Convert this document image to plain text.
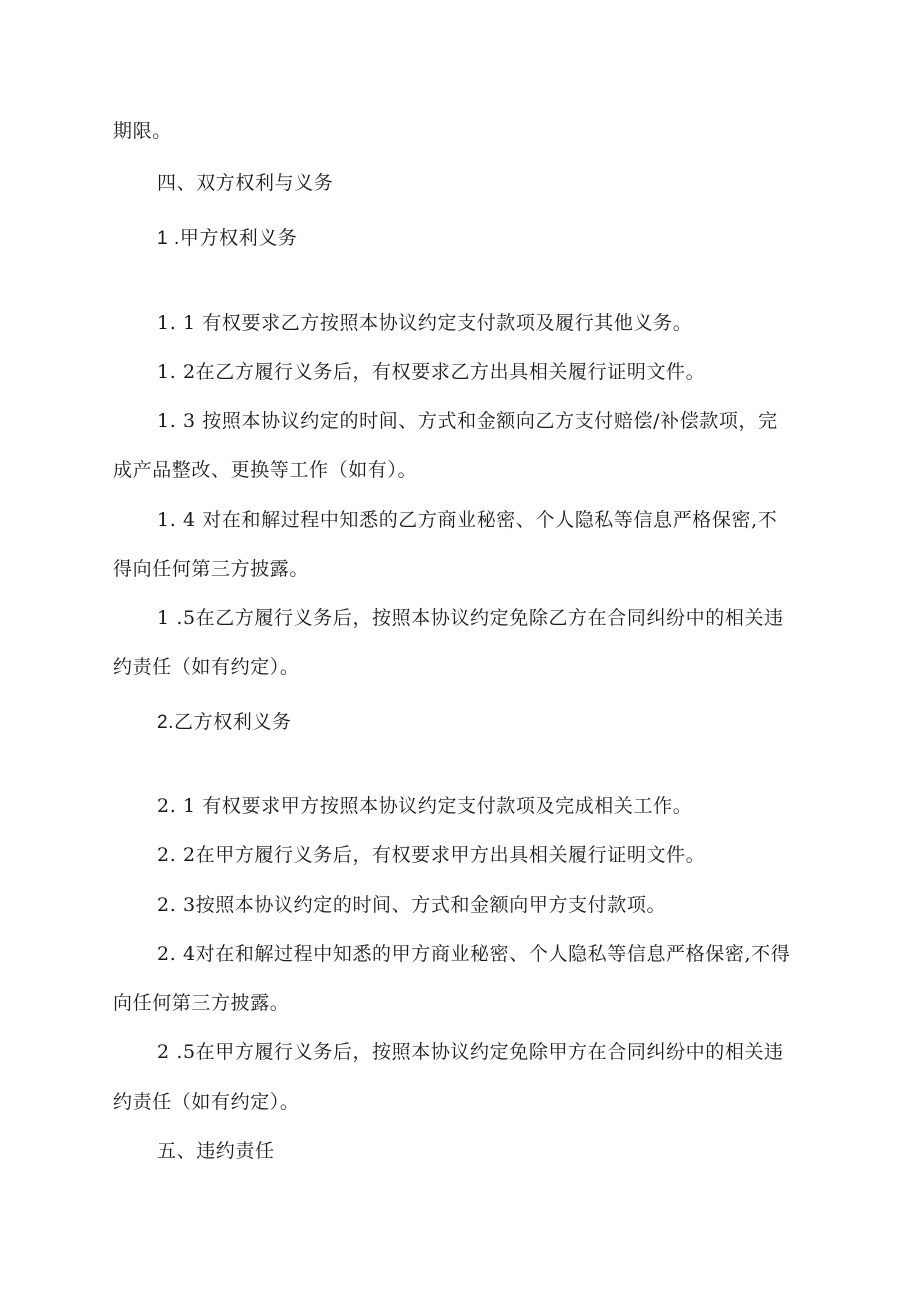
期限。
四、双方权利与义务
1 .甲方权利义务
1. 1 有权要求乙方按照本协议约定支付款项及履行其他义务。
1. 2在乙方履行义务后，有权要求乙方出具相关履行证明文件。
1. 3 按照本协议约定的时间、方式和金额向乙方支付赔偿/补偿款项，完
成产品整改、更换等工作（如有）。
1. 4 对在和解过程中知悉的乙方商业秘密、个人隐私等信息严格保密,不
得向任何第三方披露。
1 .5在乙方履行义务后，按照本协议约定免除乙方在合同纠纷中的相关违
约责任（如有约定）。
2.乙方权利义务
2. 1 有权要求甲方按照本协议约定支付款项及完成相关工作。
2. 2在甲方履行义务后，有权要求甲方出具相关履行证明文件。
2. 3按照本协议约定的时间、方式和金额向甲方支付款项。
2. 4对在和解过程中知悉的甲方商业秘密、个人隐私等信息严格保密,不得
向任何第三方披露。
2 .5在甲方履行义务后，按照本协议约定免除甲方在合同纠纷中的相关违
约责任（如有约定）。
五、违约责任
